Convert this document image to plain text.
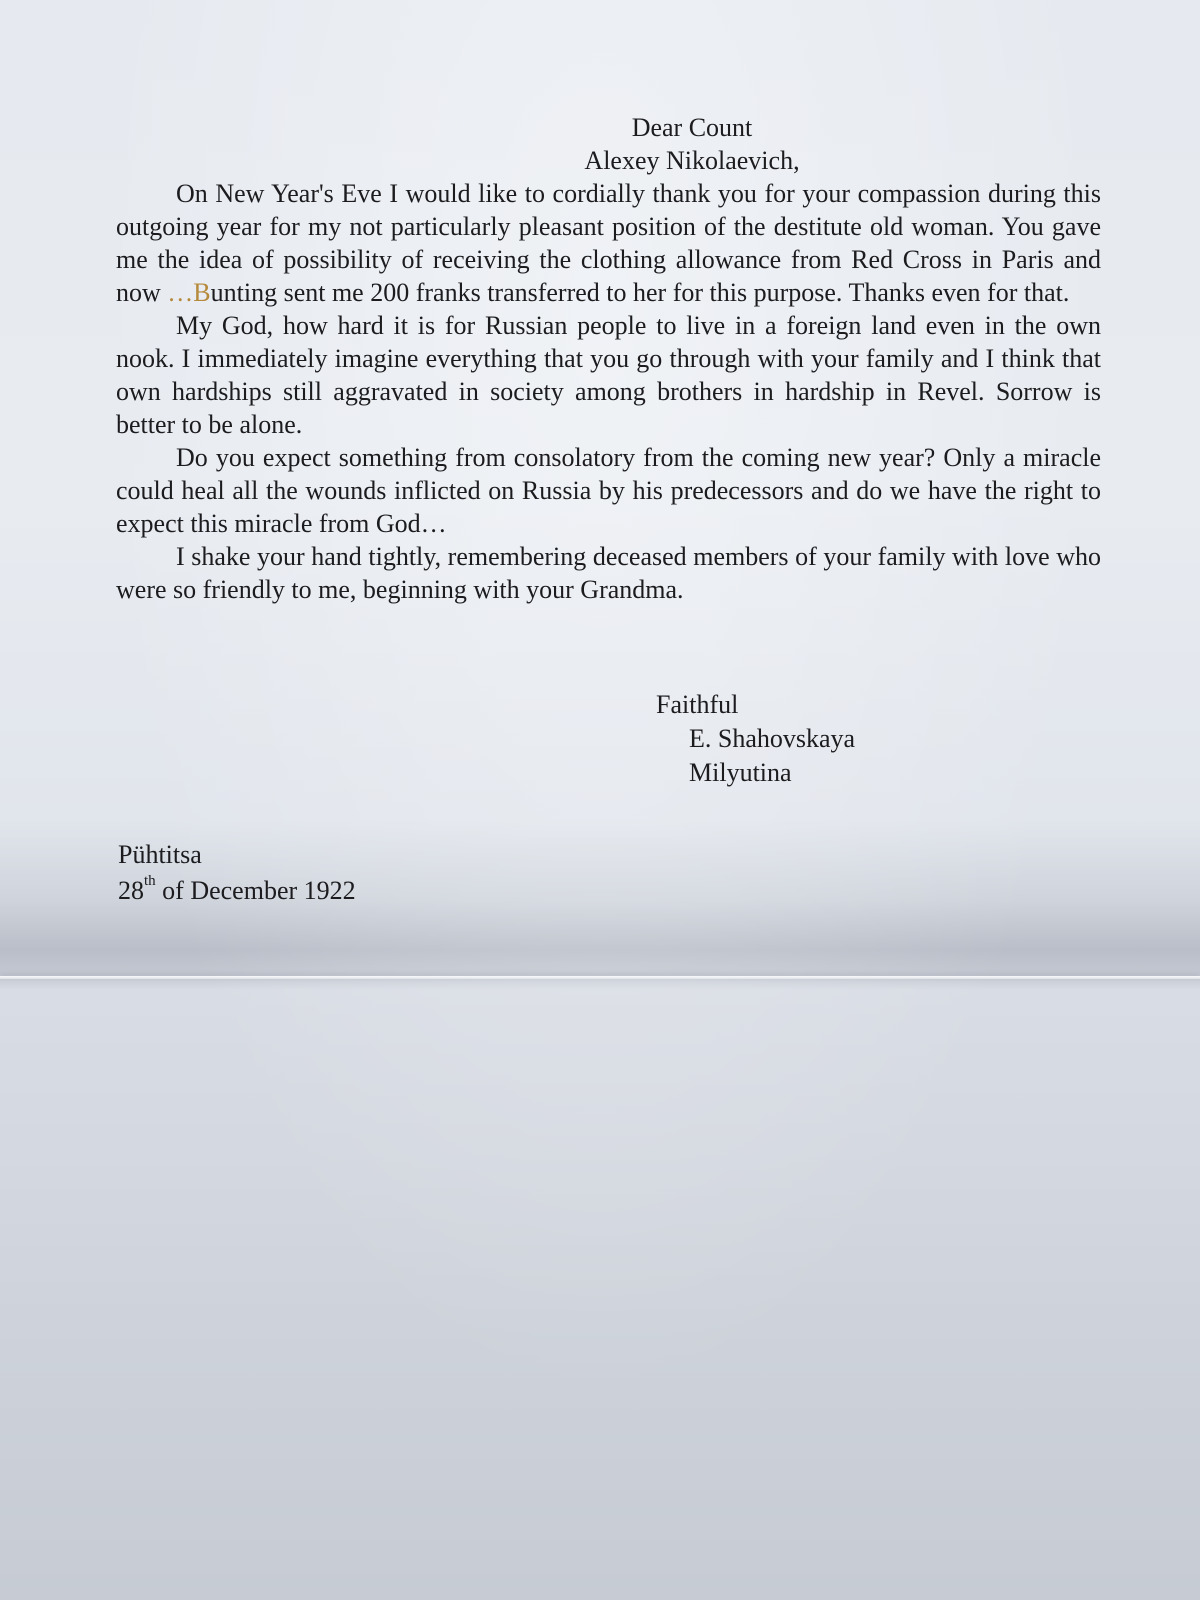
Dear Count
Alexey Nikolaevich,

On New Year's Eve I would like to cordially thank you for your compassion during this outgoing year for my not particularly pleasant position of the destitute old woman. You gave me the idea of possibility of receiving the clothing allowance from Red Cross in Paris and now …Bunting sent me 200 franks transferred to her for this purpose. Thanks even for that.

My God, how hard it is for Russian people to live in a foreign land even in the own nook. I immediately imagine everything that you go through with your family and I think that own hardships still aggravated in society among brothers in hardship in Revel. Sorrow is better to be alone.

Do you expect something from consolatory from the coming new year? Only a miracle could heal all the wounds inflicted on Russia by his predecessors and do we have the right to expect this miracle from God…

I shake your hand tightly, remembering deceased members of your family with love who were so friendly to me, beginning with your Grandma.

Faithful
E. Shahovskaya
Milyutina
Pühtitsa
28th of December 1922
